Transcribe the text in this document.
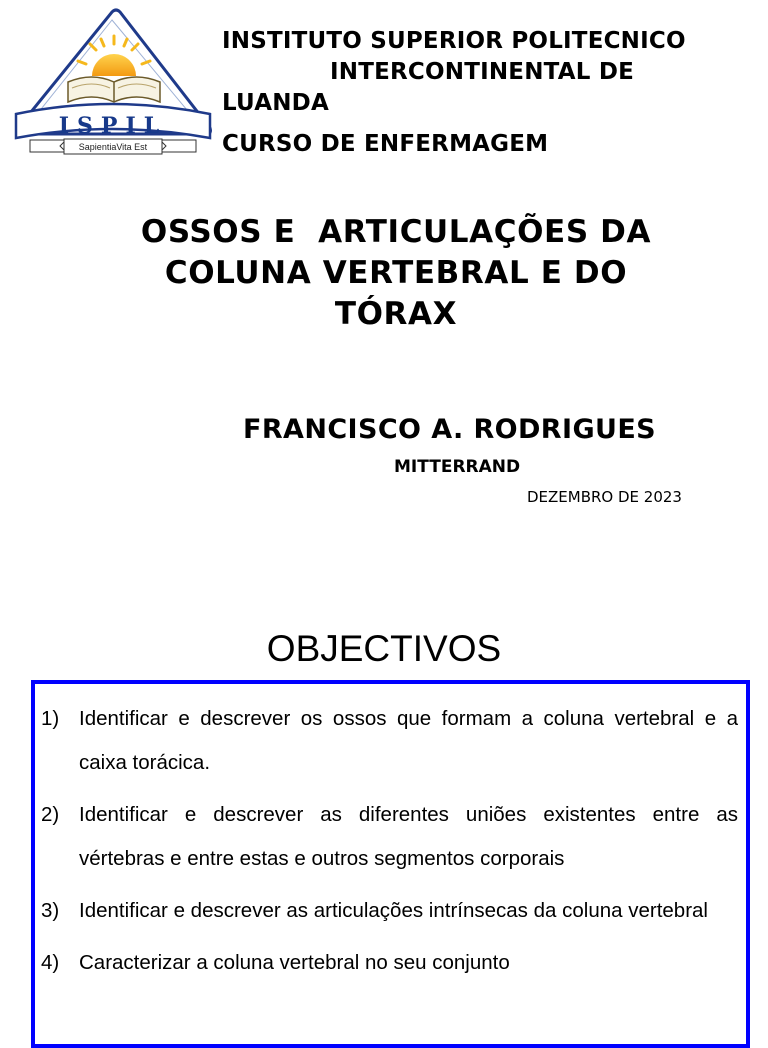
ISPIL
SapientiaVita Est
INSTITUTO SUPERIOR POLITECNICO
INTERCONTINENTAL DE
LUANDA
CURSO DE ENFERMAGEM
OSSOS E  ARTICULAÇÕES DA
COLUNA VERTEBRAL E DO
TÓRAX
FRANCISCO A. RODRIGUES
MITTERRAND
DEZEMBRO DE 2023
OBJECTIVOS
1) Identificar e descrever os ossos que formam a coluna vertebral e a caixa torácica.
2) Identificar e descrever as diferentes uniões existentes entre as vértebras e entre estas e outros segmentos corporais
3) Identificar e descrever as articulações intrínsecas da coluna vertebral
4) Caracterizar a coluna vertebral no seu conjunto
